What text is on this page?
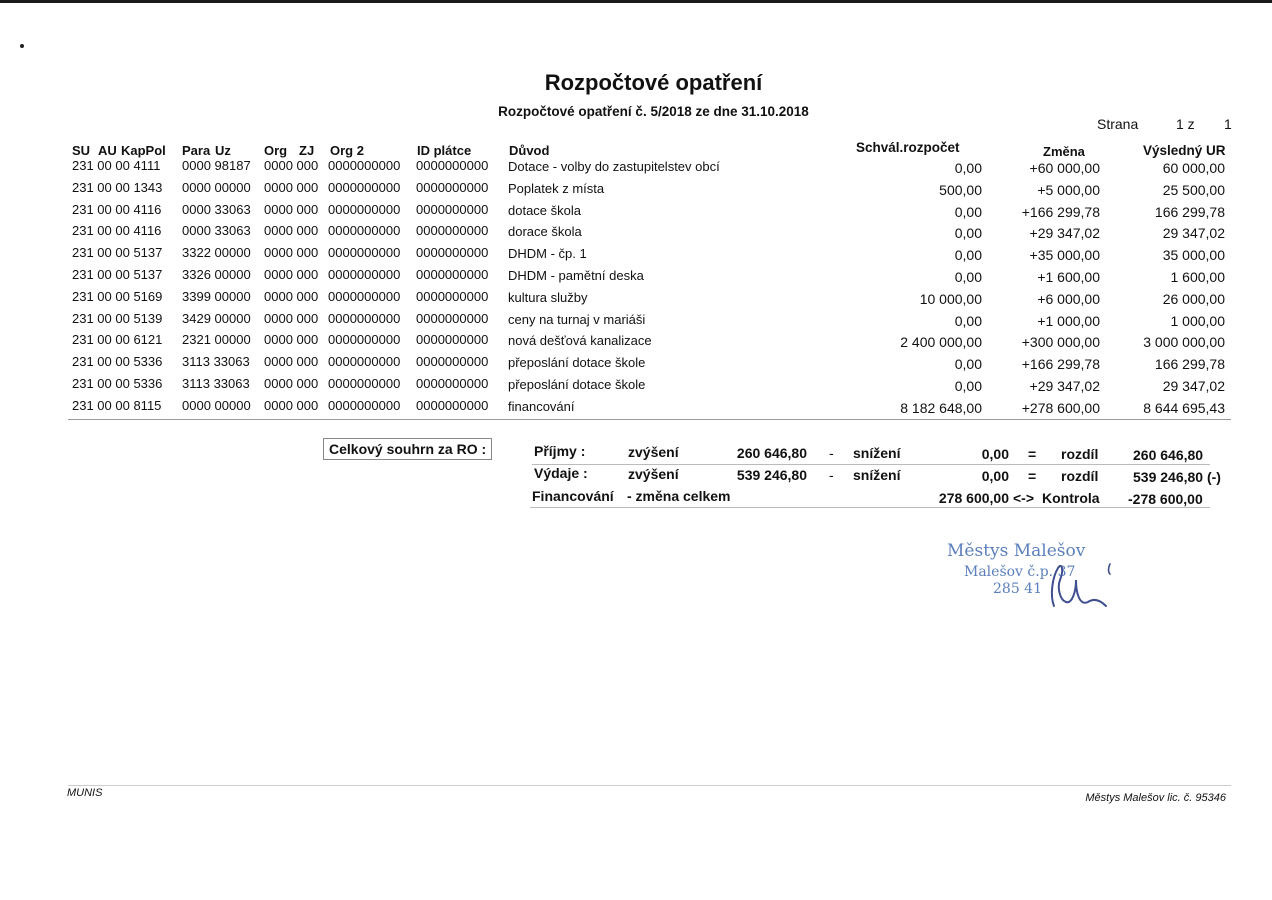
Rozpočtové opatření
Rozpočtové opatření č. 5/2018 ze dne 31.10.2018
Strana	1 z 1
SU AU KapPol Para Uz	Org ZJ Org 2	ID plátce	Důvod	Schvál.rozpočet	Změna	Výsledný UR
231 00 00 4111 0000 98187 0000 000 0000000000 0000000000 Dotace - volby do zastupitelstev obcí	0,00	+60 000,00	60 000,00
231 00 00 1343 0000 00000 0000 000 0000000000 0000000000 Poplatek z místa	500,00	+5 000,00	25 500,00
231 00 00 4116 0000 33063 0000 000 0000000000 0000000000 dotace škola	0,00	+166 299,78	166 299,78
231 00 00 4116 0000 33063 0000 000 0000000000 0000000000 dorace škola	0,00	+29 347,02	29 347,02
231 00 00 5137 3322 00000 0000 000 0000000000 0000000000 DHDM - čp. 1	0,00	+35 000,00	35 000,00
231 00 00 5137 3326 00000 0000 000 0000000000 0000000000 DHDM - pamětní deska	0,00	+1 600,00	1 600,00
231 00 00 5169 3399 00000 0000 000 0000000000 0000000000 kultura služby	10 000,00	+6 000,00	26 000,00
231 00 00 5139 3429 00000 0000 000 0000000000 0000000000 ceny na turnaj v mariáši	0,00	+1 000,00	1 000,00
231 00 00 6121 2321 00000 0000 000 0000000000 0000000000 nová dešťová kanalizace	2 400 000,00	+300 000,00	3 000 000,00
231 00 00 5336 3113 33063 0000 000 0000000000 0000000000 přeposlání dotace škole	0,00	+166 299,78	166 299,78
231 00 00 5336 3113 33063 0000 000 0000000000 0000000000 přeposlání dotace škole	0,00	+29 347,02	29 347,02
231 00 00 8115 0000 00000 0000 000 0000000000 0000000000 financování	8 182 648,00	+278 600,00	8 644 695,43
Celkový souhrn za RO :	Příjmy :	zvýšení	260 646,80 - snížení	0,00 = rozdíl 260 646,80
Výdaje :	zvýšení	539 246,80 - snížení	0,00 = rozdíl 539 246,80 (-)
Financování - změna celkem	278 600,00 <-> Kontrola -278 600,00
Městys Malešov
Malešov č.p. 37
285 41
MUNIS	Městys Malešov lic. č. 95346
